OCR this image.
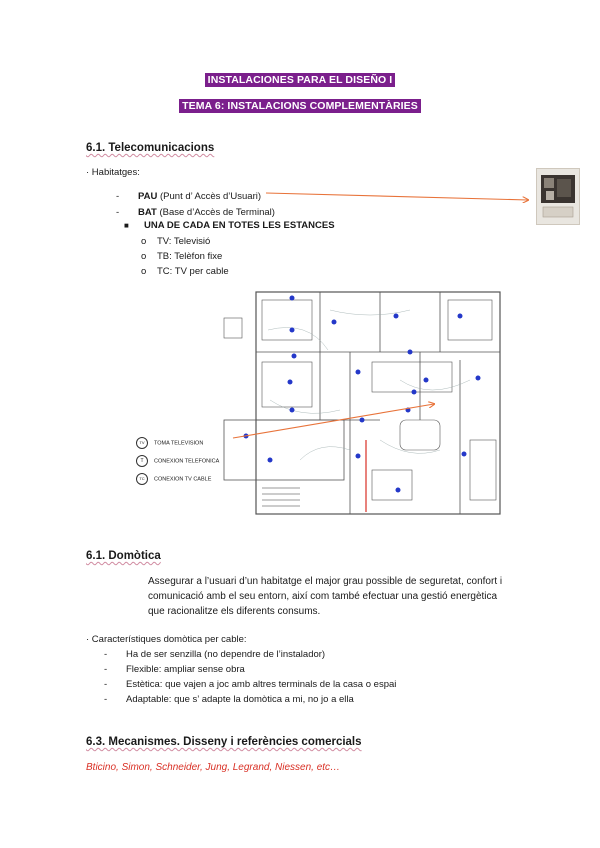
INSTALACIONES PARA EL DISEÑO I
TEMA 6: INSTALACIONS COMPLEMENTÀRIES
6.1. Telecomunicacions
· Habitatges:
- PAU (Punt d’ Accès d’Usuari)
- BAT (Base d’Accès de Terminal)
■ UNA DE CADA EN TOTES LES ESTANCES
o TV: Televisió
o TB: Telèfon fixe
o TC: TV per cable
TV TOMA TELEVISION
T CONEXION TELEFONICA
TC CONEXION TV CABLE
6.1. Domòtica
Assegurar a l’usuari d’un habitatge el major grau possible de seguretat, confort i
comunicació amb el seu entorn, així com també efectuar una gestió energètica
que racionalitze els diferents consums.
· Característiques domòtica per cable:
- Ha de ser senzilla (no dependre de l’instalador)
- Flexible: ampliar sense obra
- Estètica: que vajen a joc amb altres terminals de la casa o espai
- Adaptable: que s’ adapte la domòtica a mi, no jo a ella
6.3. Mecanismes. Disseny i referències comercials
Bticino, Simon, Schneider, Jung, Legrand, Niessen, etc…
